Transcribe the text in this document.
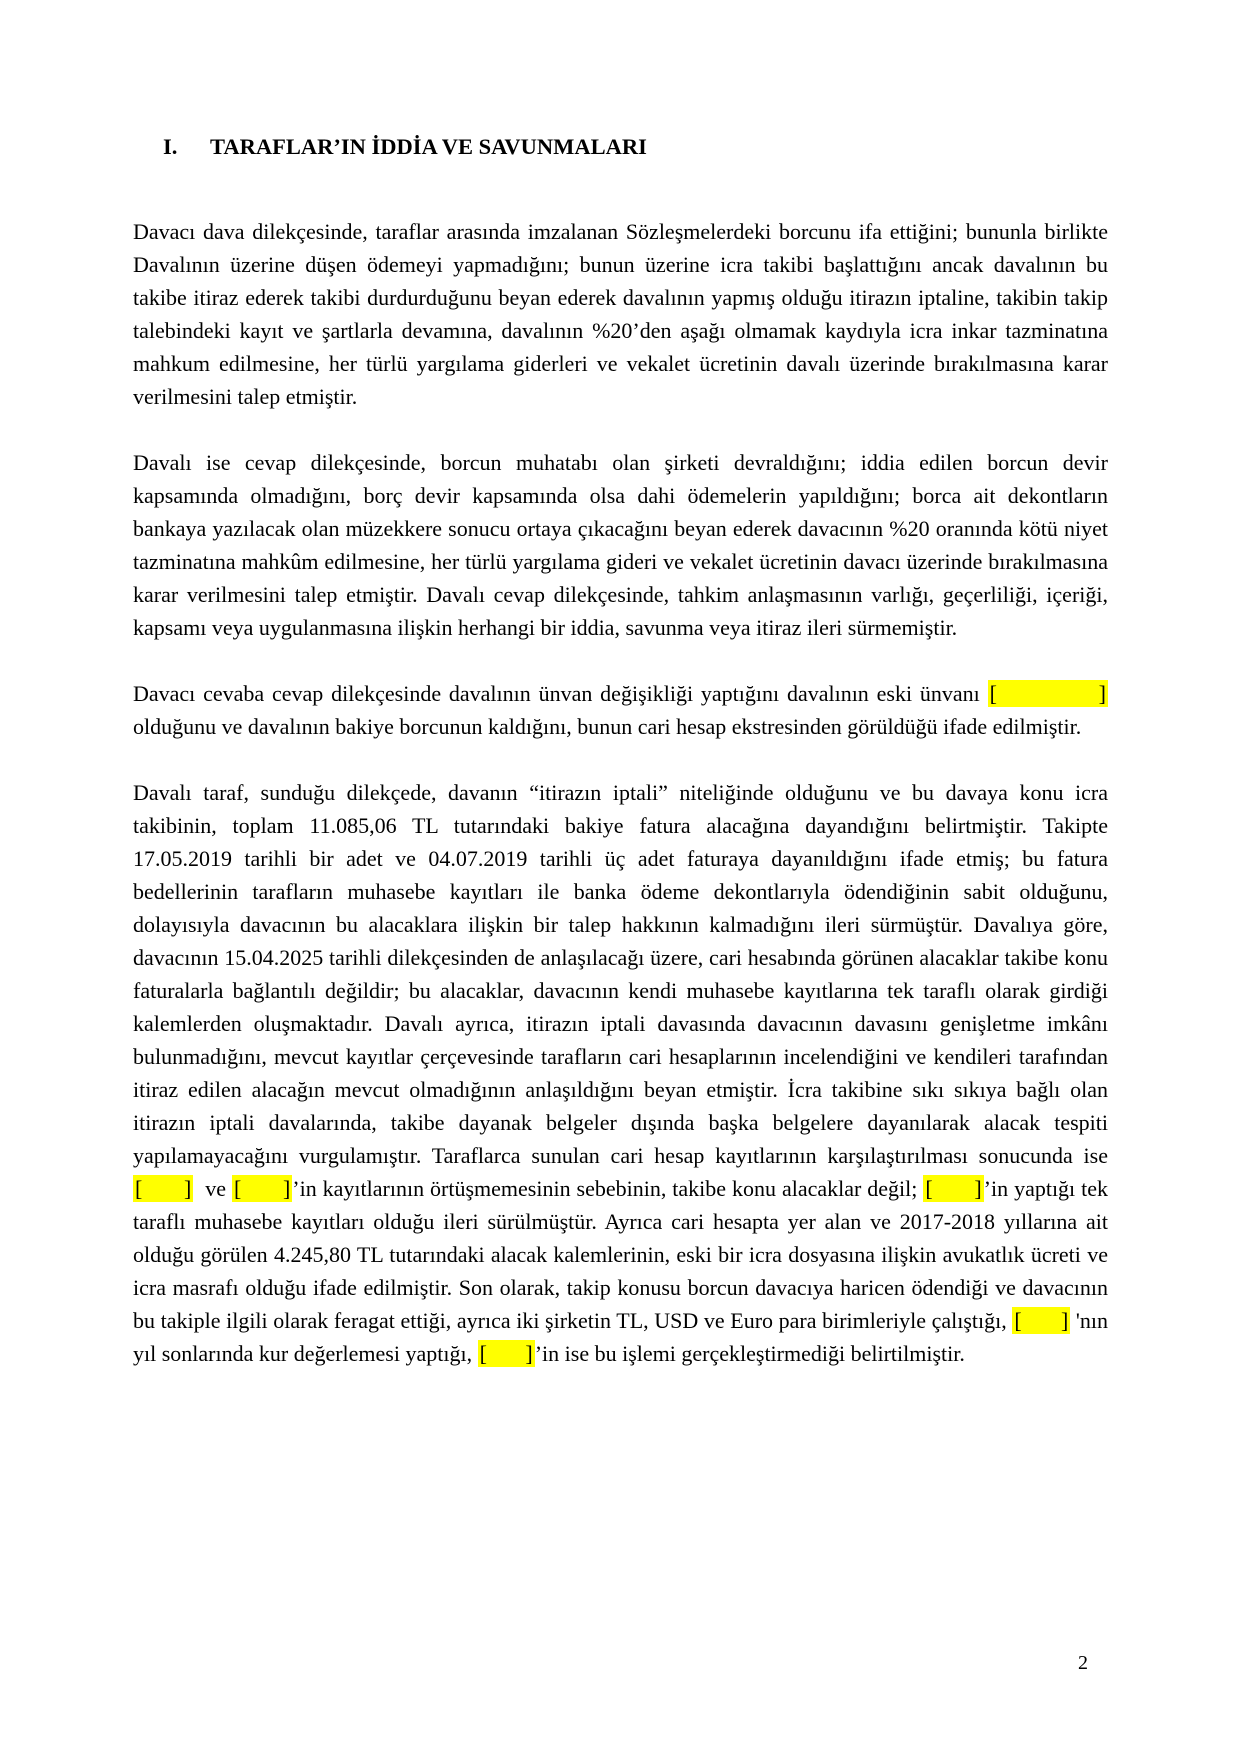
I. TARAFLAR’IN İDDİA VE SAVUNMALARI

Davacı dava dilekçesinde, taraflar arasında imzalanan Sözleşmelerdeki borcunu ifa ettiğini; bununla birlikte Davalının üzerine düşen ödemeyi yapmadığını; bunun üzerine icra takibi başlattığını ancak davalının bu takibe itiraz ederek takibi durdurduğunu beyan ederek davalının yapmış olduğu itirazın iptaline, takibin takip talebindeki kayıt ve şartlarla devamına, davalının %20’den aşağı olmamak kaydıyla icra inkar tazminatına mahkum edilmesine, her türlü yargılama giderleri ve vekalet ücretinin davalı üzerinde bırakılmasına karar verilmesini talep etmiştir.

Davalı ise cevap dilekçesinde, borcun muhatabı olan şirketi devraldığını; iddia edilen borcun devir kapsamında olmadığını, borç devir kapsamında olsa dahi ödemelerin yapıldığını; borca ait dekontların bankaya yazılacak olan müzekkere sonucu ortaya çıkacağını beyan ederek davacının %20 oranında kötü niyet tazminatına mahkûm edilmesine, her türlü yargılama gideri ve vekalet ücretinin davacı üzerinde bırakılmasına karar verilmesini talep etmiştir. Davalı cevap dilekçesinde, tahkim anlaşmasının varlığı, geçerliliği, içeriği, kapsamı veya uygulanmasına ilişkin herhangi bir iddia, savunma veya itiraz ileri sürmemiştir.

Davacı cevaba cevap dilekçesinde davalının ünvan değişikliği yaptığını davalının eski ünvanı [             ] olduğunu ve davalının bakiye borcunun kaldığını, bunun cari hesap ekstresinden görüldüğü ifade edilmiştir.

Davalı taraf, sunduğu dilekçede, davanın “itirazın iptali” niteliğinde olduğunu ve bu davaya konu icra takibinin, toplam 11.085,06 TL tutarındaki bakiye fatura alacağına dayandığını belirtmiştir. Takipte 17.05.2019 tarihli bir adet ve 04.07.2019 tarihli üç adet faturaya dayanıldığını ifade etmiş; bu fatura bedellerinin tarafların muhasebe kayıtları ile banka ödeme dekontlarıyla ödendiğinin sabit olduğunu, dolayısıyla davacının bu alacaklara ilişkin bir talep hakkının kalmadığını ileri sürmüştür. Davalıya göre, davacının 15.04.2025 tarihli dilekçesinden de anlaşılacağı üzere, cari hesabında görünen alacaklar takibe konu faturalarla bağlantılı değildir; bu alacaklar, davacının kendi muhasebe kayıtlarına tek taraflı olarak girdiği kalemlerden oluşmaktadır. Davalı ayrıca, itirazın iptali davasında davacının davasını genişletme imkânı bulunmadığını, mevcut kayıtlar çerçevesinde tarafların cari hesaplarının incelendiğini ve kendileri tarafından itiraz edilen alacağın mevcut olmadığının anlaşıldığını beyan etmiştir. İcra takibine sıkı sıkıya bağlı olan itirazın iptali davalarında, takibe dayanak belgeler dışında başka belgelere dayanılarak alacak tespiti yapılamayacağını vurgulamıştır. Taraflarca sunulan cari hesap kayıtlarının karşılaştırılması sonucunda ise [       ]  ve [       ]’in kayıtlarının örtüşmemesinin sebebinin, takibe konu alacaklar değil; [       ]’in yaptığı tek taraflı muhasebe kayıtları olduğu ileri sürülmüştür. Ayrıca cari hesapta yer alan ve 2017-2018 yıllarına ait olduğu görülen 4.245,80 TL tutarındaki alacak kalemlerinin, eski bir icra dosyasına ilişkin avukatlık ücreti ve icra masrafı olduğu ifade edilmiştir. Son olarak, takip konusu borcun davacıya haricen ödendiği ve davacının bu takiple ilgili olarak feragat ettiği, ayrıca iki şirketin TL, USD ve Euro para birimleriyle çalıştığı, [       ] 'nın yıl sonlarında kur değerlemesi yaptığı, [       ]’in ise bu işlemi gerçekleştirmediği belirtilmiştir.

2
